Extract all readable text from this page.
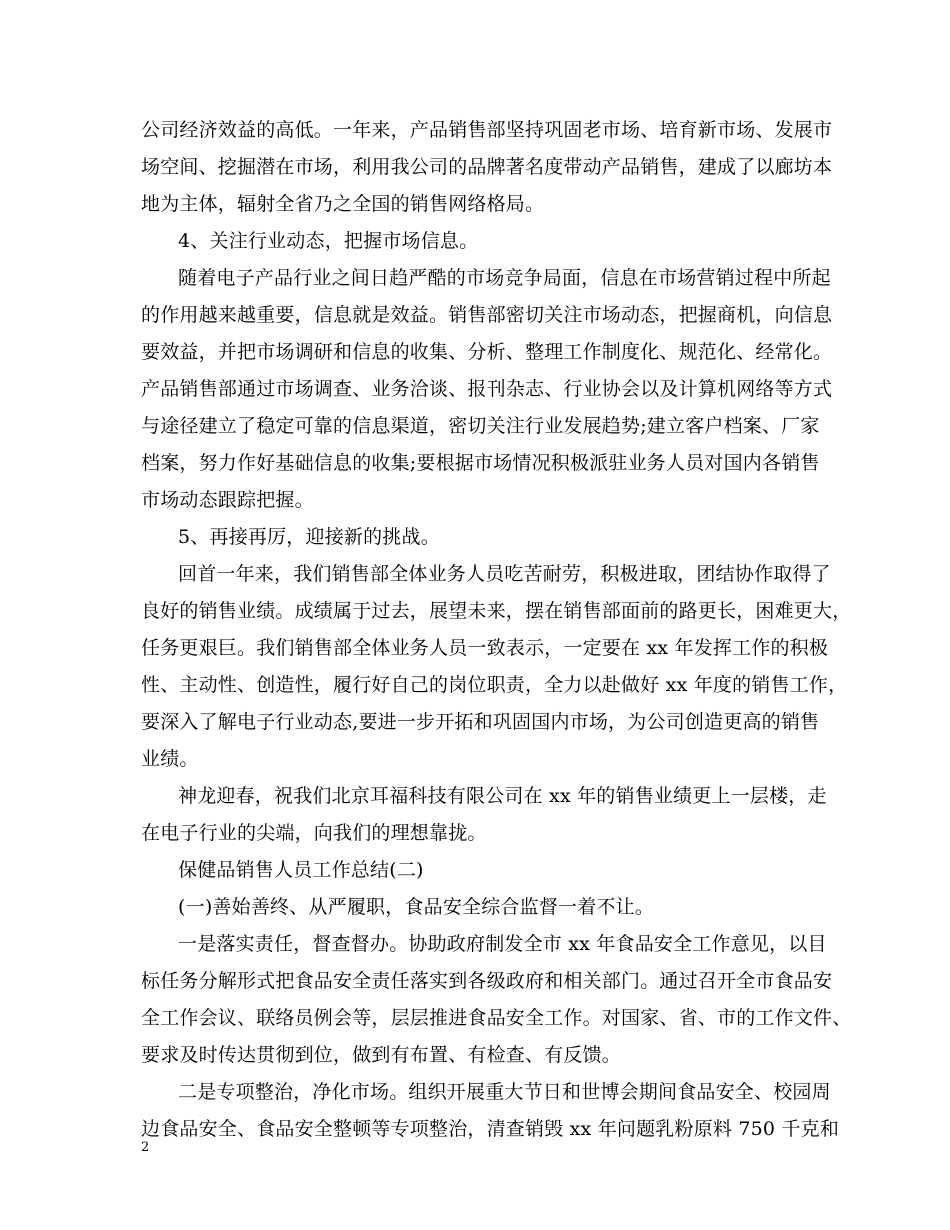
公司经济效益的高低。一年来，产品销售部坚持巩固老市场、培育新市场、发展市
场空间、挖掘潜在市场，利用我公司的品牌著名度带动产品销售，建成了以廊坊本
地为主体，辐射全省乃之全国的销售网络格局。
4、关注行业动态，把握市场信息。
随着电子产品行业之间日趋严酷的市场竞争局面，信息在市场营销过程中所起
的作用越来越重要，信息就是效益。销售部密切关注市场动态，把握商机，向信息
要效益，并把市场调研和信息的收集、分析、整理工作制度化、规范化、经常化。
产品销售部通过市场调查、业务洽谈、报刊杂志、行业协会以及计算机网络等方式
与途径建立了稳定可靠的信息渠道，密切关注行业发展趋势;建立客户档案、厂家
档案，努力作好基础信息的收集;要根据市场情况积极派驻业务人员对国内各销售
市场动态跟踪把握。
5、再接再厉，迎接新的挑战。
回首一年来，我们销售部全体业务人员吃苦耐劳，积极进取，团结协作取得了
良好的销售业绩。成绩属于过去，展望未来，摆在销售部面前的路更长，困难更大，
任务更艰巨。我们销售部全体业务人员一致表示，一定要在 xx 年发挥工作的积极
性、主动性、创造性，履行好自己的岗位职责，全力以赴做好 xx 年度的销售工作，
要深入了解电子行业动态,要进一步开拓和巩固国内市场，为公司创造更高的销售
业绩。
神龙迎春，祝我们北京耳福科技有限公司在 xx 年的销售业绩更上一层楼，走
在电子行业的尖端，向我们的理想靠拢。
保健品销售人员工作总结(二)
(一)善始善终、从严履职，食品安全综合监督一着不让。
一是落实责任，督查督办。协助政府制发全市 xx 年食品安全工作意见，以目
标任务分解形式把食品安全责任落实到各级政府和相关部门。通过召开全市食品安
全工作会议、联络员例会等，层层推进食品安全工作。对国家、省、市的工作文件、
要求及时传达贯彻到位，做到有布置、有检查、有反馈。
二是专项整治，净化市场。组织开展重大节日和世博会期间食品安全、校园周
边食品安全、食品安全整顿等专项整治，清查销毁 xx 年问题乳粉原料 750 千克和
2
